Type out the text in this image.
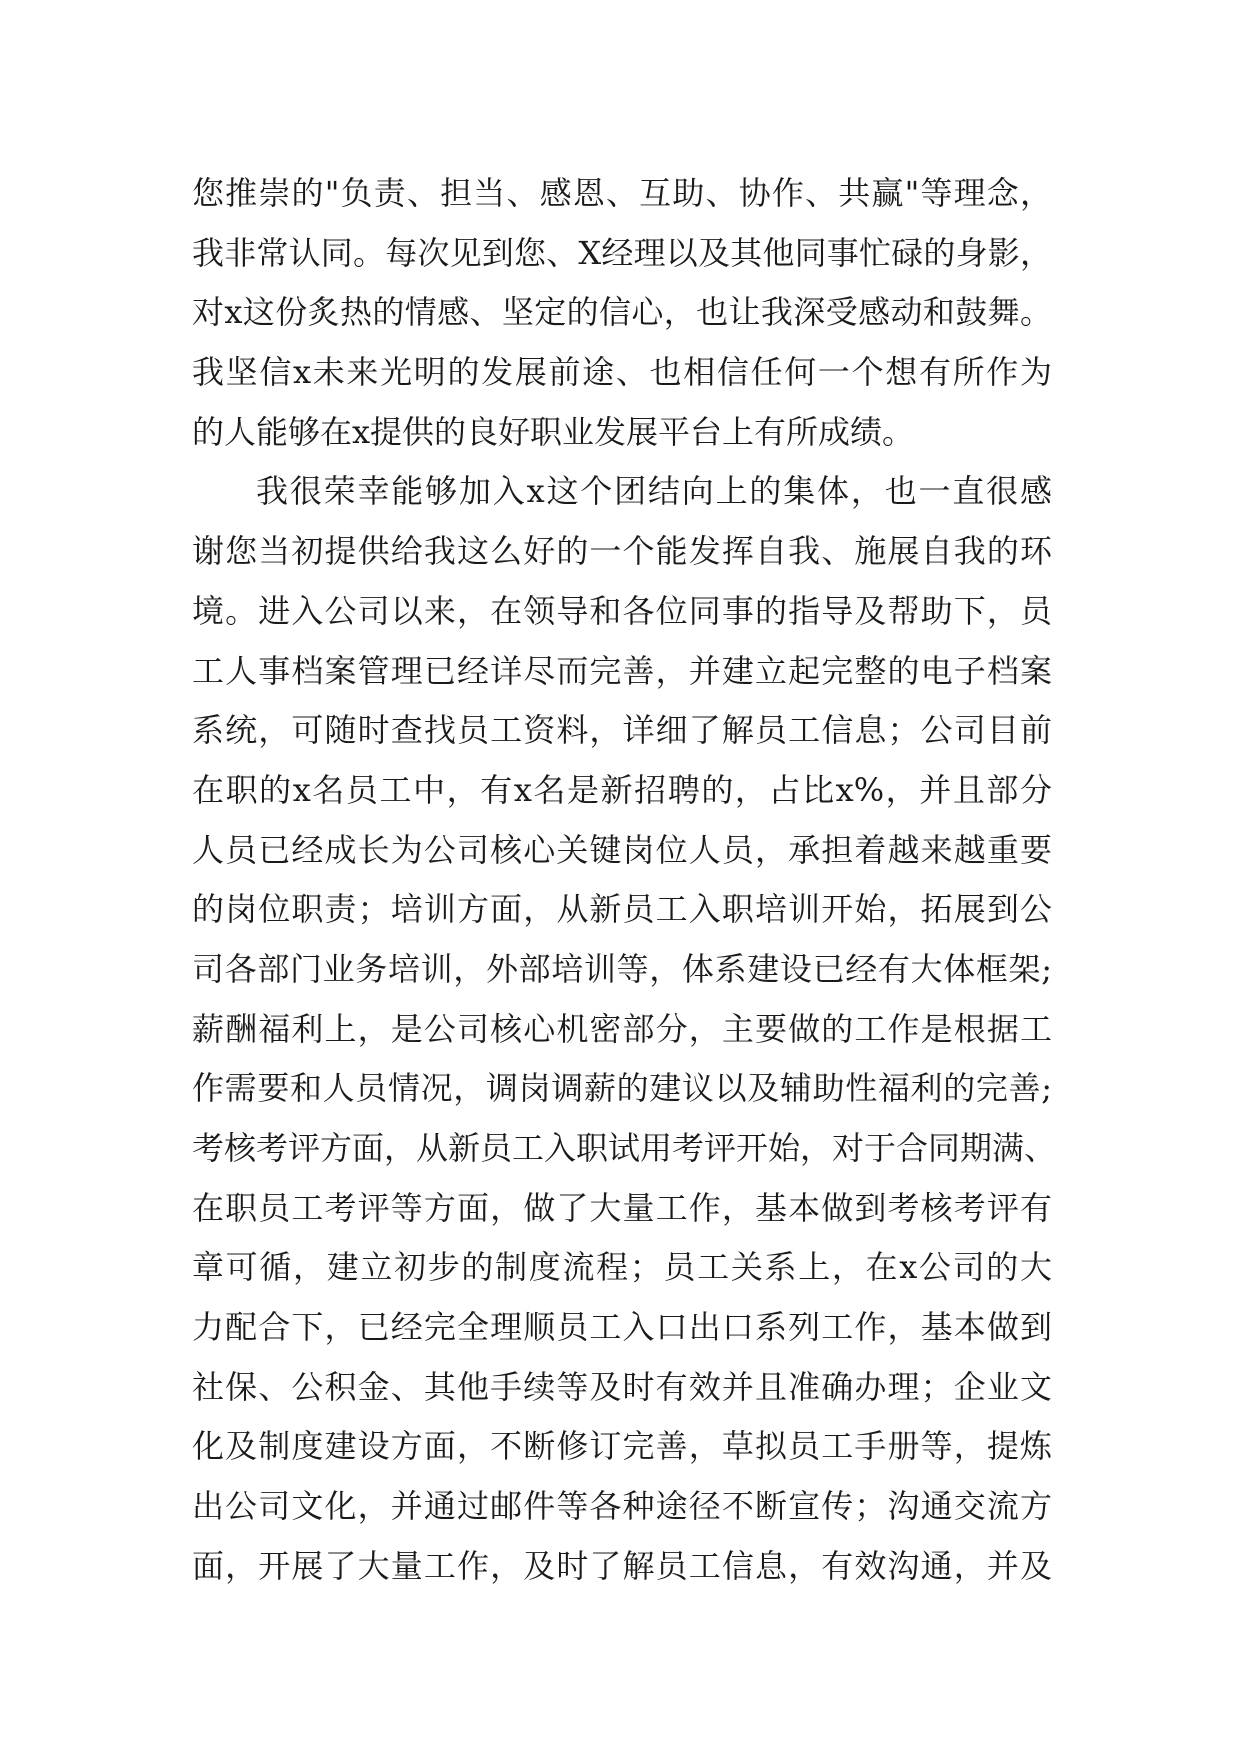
您推崇的"负责、担当、感恩、互助、协作、共赢"等理念，
我非常认同。每次见到您、X经理以及其他同事忙碌的身影，
对x这份炙热的情感、坚定的信心，也让我深受感动和鼓舞。
我坚信x未来光明的发展前途、也相信任何一个想有所作为
的人能够在x提供的良好职业发展平台上有所成绩。
我很荣幸能够加入x这个团结向上的集体，也一直很感
谢您当初提供给我这么好的一个能发挥自我、施展自我的环
境。进入公司以来，在领导和各位同事的指导及帮助下，员
工人事档案管理已经详尽而完善，并建立起完整的电子档案
系统，可随时查找员工资料，详细了解员工信息；公司目前
在职的x名员工中，有x名是新招聘的，占比x%，并且部分
人员已经成长为公司核心关键岗位人员，承担着越来越重要
的岗位职责；培训方面，从新员工入职培训开始，拓展到公
司各部门业务培训，外部培训等，体系建设已经有大体框架;
薪酬福利上，是公司核心机密部分，主要做的工作是根据工
作需要和人员情况，调岗调薪的建议以及辅助性福利的完善;
考核考评方面，从新员工入职试用考评开始，对于合同期满、
在职员工考评等方面，做了大量工作，基本做到考核考评有
章可循，建立初步的制度流程；员工关系上，在x公司的大
力配合下，已经完全理顺员工入口出口系列工作，基本做到
社保、公积金、其他手续等及时有效并且准确办理；企业文
化及制度建设方面，不断修订完善，草拟员工手册等，提炼
出公司文化，并通过邮件等各种途径不断宣传；沟通交流方
面，开展了大量工作，及时了解员工信息，有效沟通，并及
